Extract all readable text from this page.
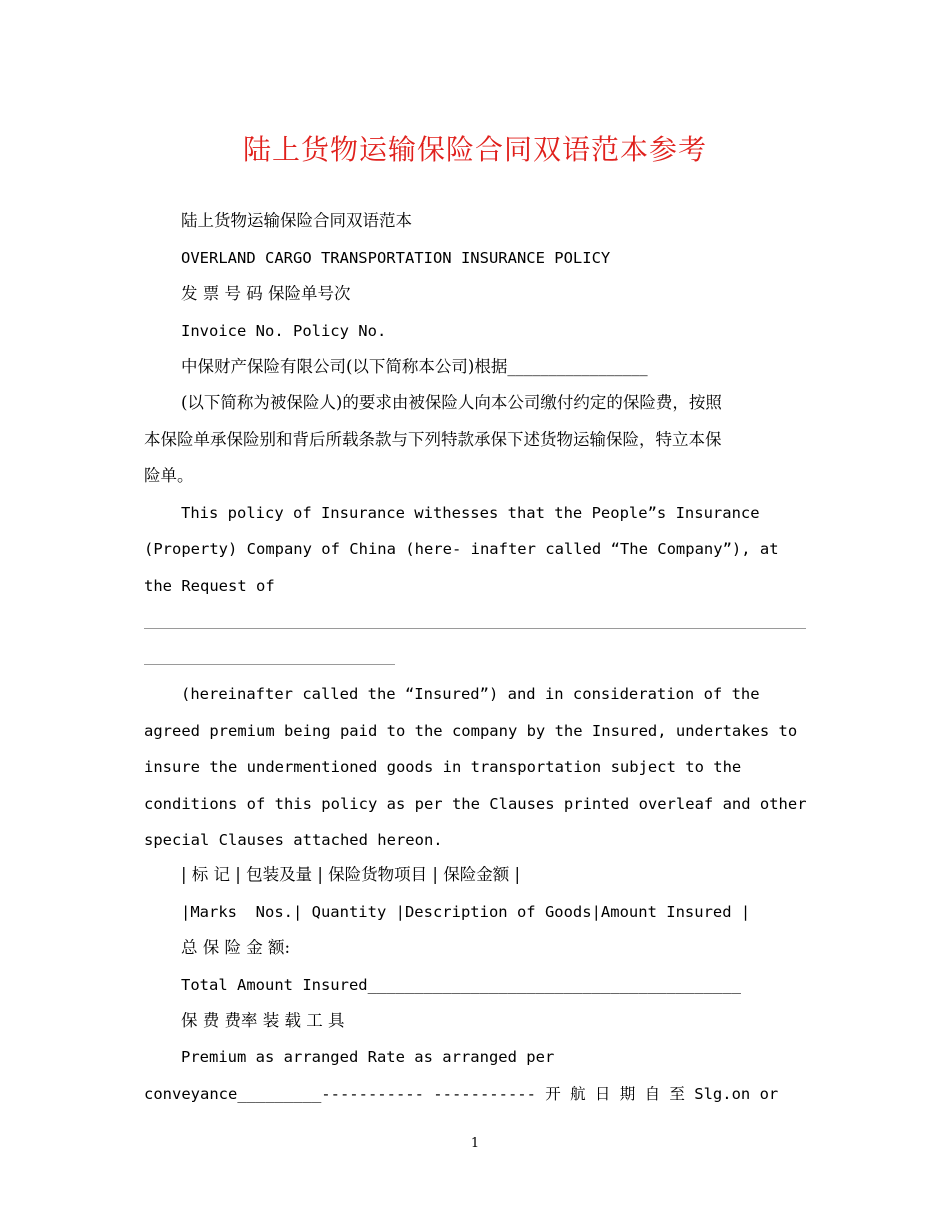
陆上货物运输保险合同双语范本参考
陆上货物运输保险合同双语范本
OVERLAND CARGO TRANSPORTATION INSURANCE POLICY
发 票 号 码 保险单号次
Invoice No. Policy No.
中保财产保险有限公司(以下简称本公司)根据_________________
(以下简称为被保险人)的要求由被保险人向本公司缴付约定的保险费，按照
本保险单承保险别和背后所载条款与下列特款承保下述货物运输保险，特立本保
险单。
This policy of Insurance withesses that the People”s Insurance
(Property) Company of China (here- inafter called “The Company”), at
the Request of
(hereinafter called the “Insured”) and in consideration of the
agreed premium being paid to the company by the Insured, undertakes to
insure the undermentioned goods in transportation subject to the
conditions of this policy as per the Clauses printed overleaf and other
special Clauses attached hereon.
| 标 记 | 包装及量 | 保险货物项目 | 保险金额 |
|Marks  Nos.| Quantity |Description of Goods|Amount Insured |
总 保 险 金 额:
Total Amount Insured________________________________________
保 费 费率 装 载 工 具
Premium as arranged Rate as arranged per
conveyance_________----------- ----------- 开 航 日 期 自 至 Slg.on or
1
